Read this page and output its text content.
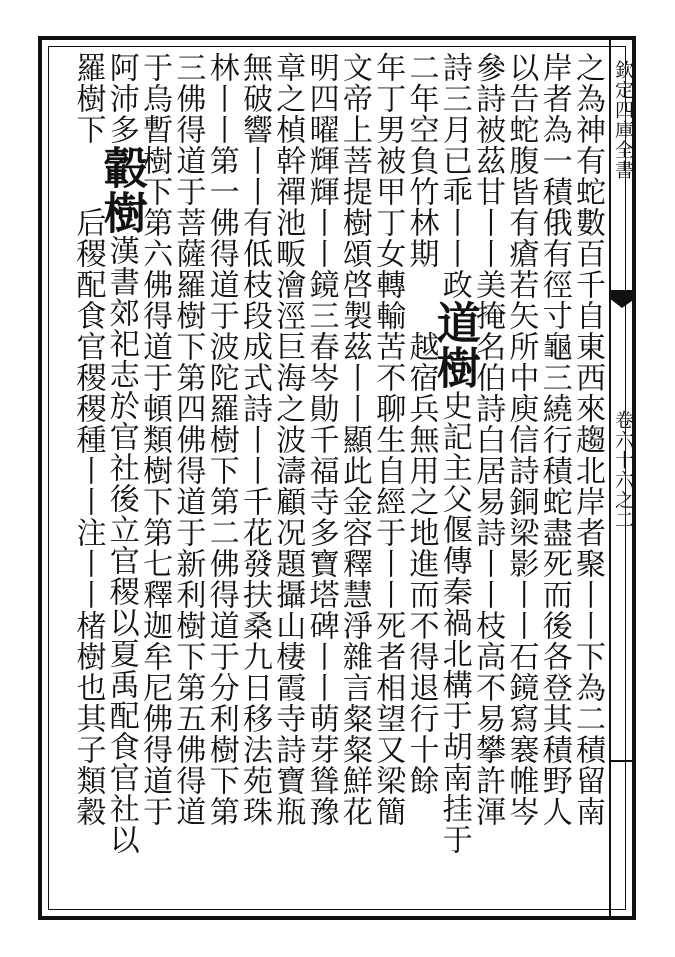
欽定四庫全書
卷六十六之二
之為神有蛇數百千自東西來趨北岸者聚丨丨下為二積留南
岸者為一積俄有徑寸龜三繞行積蛇盡死而後各登其積野人
以告蛇腹皆有瘡若矢所中庾信詩銅梁影丨丨石鏡寫褰帷岑
參詩被茲甘丨丨美掩名伯詩白居易詩丨丨枝高不易攀許渾
詩三月已乖丨丨政道樹史記主父偃傳秦禍北構于胡南挂于
二年空負竹林期　　越宿兵無用之地進而不得退行十餘
年丁男被甲丁女轉輸苦不聊生自經于丨丨死者相望又梁簡
文帝上菩提樹頌啓製茲丨丨顯此金容釋慧淨雜言粲粲鮮花
明四曜輝輝丨丨鏡三春岑勛千福寺多寶塔碑丨丨萌芽聳豫
章之楨幹禪池畈澮涇巨海之波濤顧况題攝山棲霞寺詩寶瓶
無破響丨丨有低枝段成式詩丨丨千花發扶桑九日移法苑珠
林丨丨第一佛得道于波陀羅樹下第二佛得道于分利樹下第
三佛得道于菩薩羅樹下第四佛得道于新利樹下第五佛得道
于烏暫樹下第六佛得道于頓類樹下第七釋迦牟尼佛得道于
阿沛多轂樹漢書郊祀志於官社後立官稷以夏禹配食官社以
羅樹下　　后稷配食官稷稷種丨丨注丨丨楮樹也其子類穀
